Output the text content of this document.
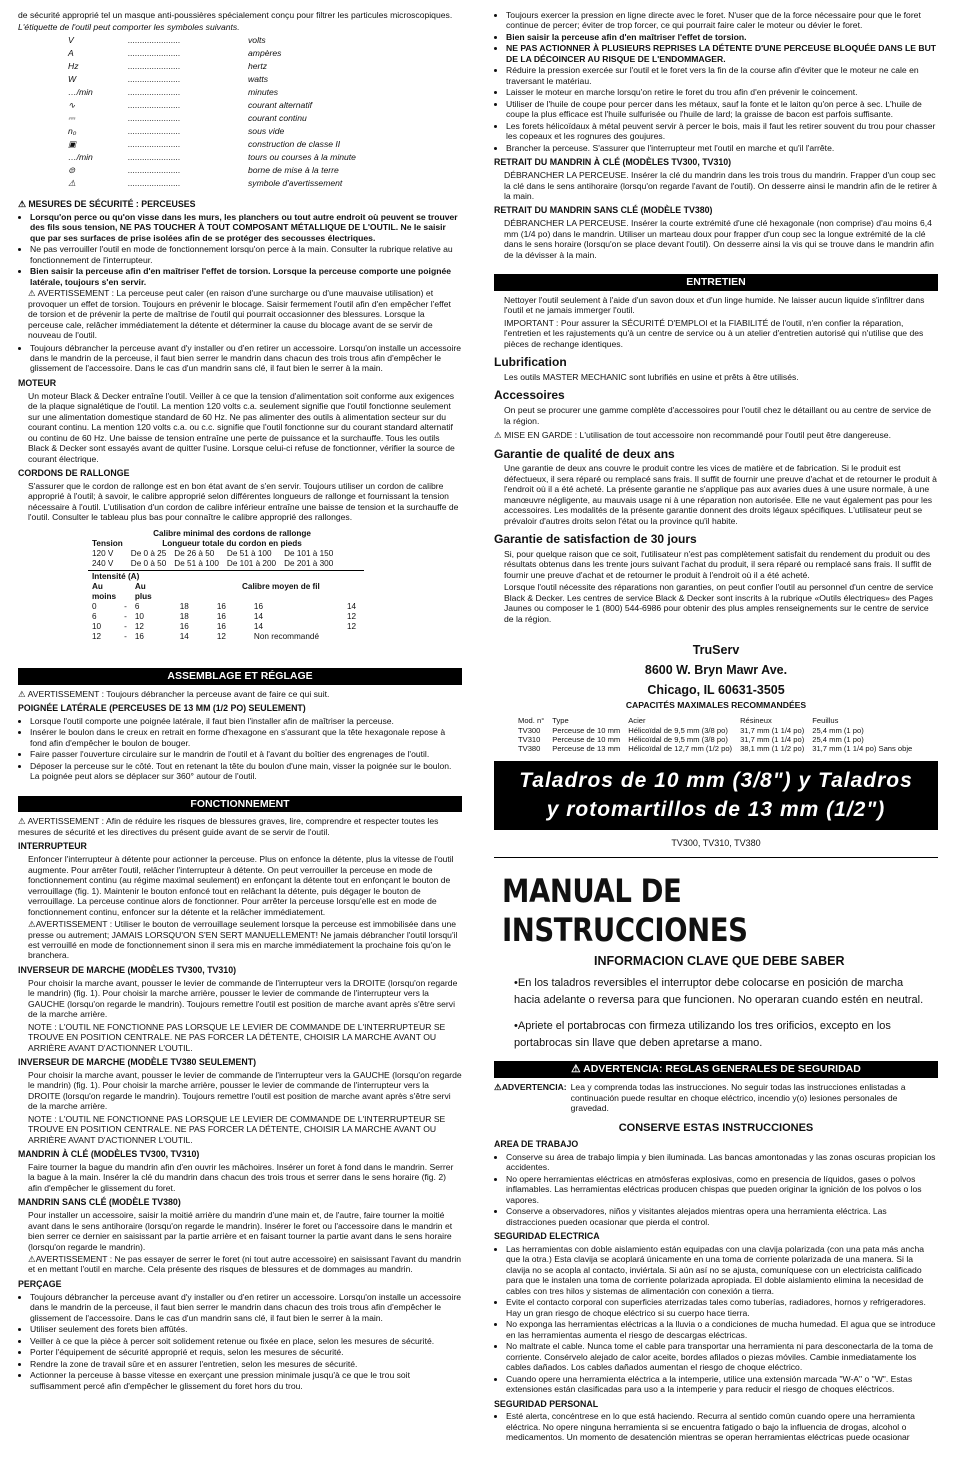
de sécurité approprié tel un masque anti-poussières spécialement conçu pour filtrer les particules microscopiques.

L'étiquette de l'outil peut comporter les symboles suivants.

V	......................	volts
A	......................	ampères
Hz	......................	hertz
W	......................	watts
…/min	......................	minutes
∿	......................	courant alternatif
⎓	......................	courant continu
n₀	......................	sous vide
▣	......................	construction de classe II
…/min	......................	tours ou courses à la minute
⊜	......................	borne de mise à la terre
⚠	......................	symbole d'avertissement

⚠ MESURES DE SÉCURITÉ : PERCEUSES

• Lorsqu'on perce ou qu'on visse dans les murs, les planchers ou tout autre endroit où peuvent se trouver des fils sous tension, NE PAS TOUCHER À TOUT COMPOSANT MÉTALLIQUE DE L'OUTIL. Ne le saisir que par ses surfaces de prise isolées afin de se protéger des secousses électriques.
• Ne pas verrouiller l'outil en mode de fonctionnement lorsqu'on perce à la main. Consulter la rubrique relative au fonctionnement de l'interrupteur.
• Bien saisir la perceuse afin d'en maîtriser l'effet de torsion. Lorsque la perceuse comporte une poignée latérale, toujours s'en servir.

⚠ AVERTISSEMENT : La perceuse peut caler (en raison d'une surcharge ou d'une mauvaise utilisation) et provoquer un effet de torsion. Toujours en prévenir le blocage. Saisir fermement l'outil afin d'en empêcher l'effet de torsion et de prévenir la perte de maîtrise de l'outil qui pourrait occasionner des blessures. Lorsque la perceuse cale, relâcher immédiatement la détente et déterminer la cause du blocage avant de se servir de nouveau de l'outil.

• Toujours débrancher la perceuse avant d'y installer ou d'en retirer un accessoire. Lorsqu'on installe un accessoire dans le mandrin de la perceuse, il faut bien serrer le mandrin dans chacun des trois trous afin d'empêcher le glissement de l'accessoire. Dans le cas d'un mandrin sans clé, il faut bien le serrer à la main.

MOTEUR

Un moteur Black & Decker entraîne l'outil. Veiller à ce que la tension d'alimentation soit conforme aux exigences de la plaque signalétique de l'outil. La mention 120 volts c.a. seulement signifie que l'outil fonctionne seulement sur une alimentation domestique standard de 60 Hz. Ne pas alimenter des outils à alimentation secteur sur du courant continu. La mention 120 volts c.a. ou c.c. signifie que l'outil fonctionne sur du courant standard alternatif ou continu de 60 Hz. Une baisse de tension entraîne une perte de puissance et la surchauffe. Tous les outils Black & Decker sont essayés avant de quitter l'usine. Lorsque celui-ci refuse de fonctionner, vérifier la source de courant électrique.

CORDONS DE RALLONGE

S'assurer que le cordon de rallonge est en bon état avant de s'en servir. Toujours utiliser un cordon de calibre approprié à l'outil; à savoir, le calibre approprié selon différentes longueurs de rallonge et fournissant la tension nécessaire à l'outil. L'utilisation d'un cordon de calibre inférieur entraîne une baisse de tension et la surchauffe de l'outil. Consulter le tableau plus bas pour connaître le calibre approprié des rallonges.

	Calibre minimal des cordons de rallonge			
Tension	Longueur totale du cordon en pieds			
120 V	De 0 à 25	De 26 à 50	De 51 à 100	De 101 à 150
240 V	De 0 à 50	De 51 à 100	De 101 à 200	De 201 à 300
Intensité (A)						
Au		Au	Calibre moyen de fil			
moins		plus				
0	-	6	18	16	16	14
6	-	10	18	16	14	12
10	-	12	16	16	14	12
12	-	16	14	12	Non recommandé	
ASSEMBLAGE ET RÉGLAGE

⚠ AVERTISSEMENT : Toujours débrancher la perceuse avant de faire ce qui suit.

POIGNÉE LATÉRALE (PERCEUSES DE 13 MM (1/2 PO) SEULEMENT)

• Lorsque l'outil comporte une poignée latérale, il faut bien l'installer afin de maîtriser la perceuse.
• Insérer le boulon dans le creux en retrait en forme d'hexagone en s'assurant que la tête hexagonale repose à fond afin d'empêcher le boulon de bouger.
• Faire passer l'ouverture circulaire sur le mandrin de l'outil et à l'avant du boîtier des engrenages de l'outil.
• Déposer la perceuse sur le côté. Tout en retenant la tête du boulon d'une main, visser la poignée sur le boulon. La poignée peut alors se déplacer sur 360° autour de l'outil.
FONCTIONNEMENT

⚠ AVERTISSEMENT : Afin de réduire les risques de blessures graves, lire, comprendre et respecter toutes les mesures de sécurité et les directives du présent guide avant de se servir de l'outil.

INTERRUPTEUR

Enfoncer l'interrupteur à détente pour actionner la perceuse. Plus on enfonce la détente, plus la vitesse de l'outil augmente. Pour arrêter l'outil, relâcher l'interrupteur à détente. On peut verrouiller la perceuse en mode de fonctionnement continu (au régime maximal seulement) en enfonçant la détente tout en enfonçant le bouton de verrouillage (fig. 1). Maintenir le bouton enfoncé tout en relâchant la détente, puis dégager le bouton de verrouillage. La perceuse continue alors de fonctionner. Pour arrêter la perceuse lorsqu'elle est en mode de fonctionnement continu, enfoncer sur la détente et la relâcher immédiatement.

⚠AVERTISSEMENT : Utiliser le bouton de verrouillage seulement lorsque la perceuse est immobilisée dans une presse ou autrement; JAMAIS LORSQU'ON S'EN SERT MANUELLEMENT! Ne jamais débrancher l'outil lorsqu'il est verrouillé en mode de fonctionnement sinon il sera mis en marche immédiatement la prochaine fois qu'on le branchera.

INVERSEUR DE MARCHE (MODÈLES TV300, TV310)

Pour choisir la marche avant, pousser le levier de commande de l'interrupteur vers la DROITE (lorsqu'on regarde le mandrin) (fig. 1). Pour choisir la marche arrière, pousser le levier de commande de l'interrupteur vers la GAUCHE (lorsqu'on regarde le mandrin). Toujours remettre l'outil est position de marche avant après s'être servi de la marche arrière.

NOTE : L'OUTIL NE FONCTIONNE PAS LORSQUE LE LEVIER DE COMMANDE DE L'INTERRUPTEUR SE TROUVE EN POSITION CENTRALE. NE PAS FORCER LA DÉTENTE, CHOISIR LA MARCHE AVANT OU ARRIÈRE AVANT D'ACTIONNER L'OUTIL.

INVERSEUR DE MARCHE (MODÈLE TV380 SEULEMENT)

Pour choisir la marche avant, pousser le levier de commande de l'interrupteur vers la GAUCHE (lorsqu'on regarde le mandrin) (fig. 1). Pour choisir la marche arrière, pousser le levier de commande de l'interrupteur vers la DROITE (lorsqu'on regarde le mandrin). Toujours remettre l'outil est position de marche avant après s'être servi de la marche arrière.

NOTE : L'OUTIL NE FONCTIONNE PAS LORSQUE LE LEVIER DE COMMANDE DE L'INTERRUPTEUR SE TROUVE EN POSITION CENTRALE. NE PAS FORCER LA DÉTENTE, CHOISIR LA MARCHE AVANT OU ARRIÈRE AVANT D'ACTIONNER L'OUTIL.

MANDRIN À CLÉ (MODÈLES TV300, TV310)

Faire tourner la bague du mandrin afin d'en ouvrir les mâchoires. Insérer un foret à fond dans le mandrin. Serrer la bague à la main. Insérer la clé du mandrin dans chacun des trois trous et serrer dans le sens horaire (fig. 2) afin d'empêcher le glissement du foret.

MANDRIN SANS CLÉ (MODÈLE TV380)

Pour installer un accessoire, saisir la moitié arrière du mandrin d'une main et, de l'autre, faire tourner la moitié avant dans le sens antihoraire (lorsqu'on regarde le mandrin). Insérer le foret ou l'accessoire dans le mandrin et bien serrer ce dernier en saisissant par la partie arrière et en faisant tourner la partie avant dans le sens horaire (lorsqu'on regarde le mandrin).

⚠AVERTISSEMENT : Ne pas essayer de serrer le foret (ni tout autre accessoire) en saisissant l'avant du mandrin et en mettant l'outil en marche. Cela présente des risques de blessures et de dommages au mandrin.

PERÇAGE

• Toujours débrancher la perceuse avant d'y installer ou d'en retirer un accessoire. Lorsqu'on installe un accessoire dans le mandrin de la perceuse, il faut bien serrer le mandrin dans chacun des trois trous afin d'empêcher le glissement de l'accessoire. Dans le cas d'un mandrin sans clé, il faut bien le serrer à la main.
• Utiliser seulement des forets bien affûtés.
• Veiller à ce que la pièce à percer soit solidement retenue ou fixée en place, selon les mesures de sécurité.
• Porter l'équipement de sécurité approprié et requis, selon les mesures de sécurité.
• Rendre la zone de travail sûre et en assurer l'entretien, selon les mesures de sécurité.
• Actionner la perceuse à basse vitesse en exerçant une pression minimale jusqu'à ce que le trou soit suffisamment percé afin d'empêcher le glissement du foret hors du trou.
• Toujours exercer la pression en ligne directe avec le foret. N'user que de la force nécessaire pour que le foret continue de percer; éviter de trop forcer, ce qui pourrait faire caler le moteur ou dévier le foret.
• Bien saisir la perceuse afin d'en maîtriser l'effet de torsion.
• NE PAS ACTIONNER À PLUSIEURS REPRISES LA DÉTENTE D'UNE PERCEUSE BLOQUÉE DANS LE BUT DE LA DÉCOINCER AU RISQUE DE L'ENDOMMAGER.
• Réduire la pression exercée sur l'outil et le foret vers la fin de la course afin d'éviter que le moteur ne cale en traversant le matériau.
• Laisser le moteur en marche lorsqu'on retire le foret du trou afin d'en prévenir le coincement.
• Utiliser de l'huile de coupe pour percer dans les métaux, sauf la fonte et le laiton qu'on perce à sec. L'huile de coupe la plus efficace est l'huile sulfurisée ou l'huile de lard; la graisse de bacon est parfois suffisante.
• Les forets hélicoïdaux à métal peuvent servir à percer le bois, mais il faut les retirer souvent du trou pour chasser les copeaux et les rognures des goujures.
• Brancher la perceuse. S'assurer que l'interrupteur met l'outil en marche et qu'il l'arrête.

RETRAIT DU MANDRIN À CLÉ (MODÈLES TV300, TV310)

DÉBRANCHER LA PERCEUSE. Insérer la clé du mandrin dans les trois trous du mandrin. Frapper d'un coup sec la clé dans le sens antihoraire (lorsqu'on regarde l'avant de l'outil). On desserre ainsi le mandrin afin de le retirer à la main.

RETRAIT DU MANDRIN SANS CLÉ (MODÈLE TV380)

DÉBRANCHER LA PERCEUSE. Insérer la courte extrémité d'une clé hexagonale (non comprise) d'au moins 6,4 mm (1/4 po) dans le mandrin. Utiliser un marteau doux pour frapper d'un coup sec la longue extrémité de la clé dans le sens horaire (lorsqu'on se place devant l'outil). On desserre ainsi la vis qui se trouve dans le mandrin afin de la dévisser à la main.

ENTRETIEN

Nettoyer l'outil seulement à l'aide d'un savon doux et d'un linge humide. Ne laisser aucun liquide s'infiltrer dans l'outil et ne jamais immerger l'outil.

IMPORTANT : Pour assurer la SÉCURITÉ D'EMPLOI et la FIABILITÉ de l'outil, n'en confier la réparation, l'entretien et les rajustements qu'à un centre de service ou à un atelier d'entretien autorisé qui n'utilise que des pièces de rechange identiques.

Lubrification

Les outils MASTER MECHANIC sont lubrifiés en usine et prêts à être utilisés.

Accessoires

On peut se procurer une gamme complète d'accessoires pour l'outil chez le détaillant ou au centre de service de la région.

⚠ MISE EN GARDE : L'utilisation de tout accessoire non recommandé pour l'outil peut être dangereuse.

Garantie de qualité de deux ans

Une garantie de deux ans couvre le produit contre les vices de matière et de fabrication. Si le produit est défectueux, il sera réparé ou remplacé sans frais. Il suffit de fournir une preuve d'achat et de retourner le produit à l'endroit où il a été acheté. La présente garantie ne s'applique pas aux avaries dues à une usure normale, à une manœuvre négligente, au mauvais usage ni à une réparation non autorisée. Elle ne vaut également pas pour les accessoires. Les modalités de la présente garantie donnent des droits légaux spécifiques. L'utilisateur peut se prévaloir d'autres droits selon l'état ou la province qu'il habite.

Garantie de satisfaction de 30 jours

Si, pour quelque raison que ce soit, l'utilisateur n'est pas complètement satisfait du rendement du produit ou des résultats obtenus dans les trente jours suivant l'achat du produit, il sera réparé ou remplacé sans frais. Il suffit de fournir une preuve d'achat et de retourner le produit à l'endroit où il a été acheté.

Lorsque l'outil nécessite des réparations non garanties, on peut confier l'outil au personnel d'un centre de service Black & Decker. Les centres de service Black & Decker sont inscrits à la rubrique «Outils électriques» des Pages Jaunes ou composer le 1 (800) 544-6986 pour obtenir des plus amples renseignements sur le centre de service de la région.

TruServ
8600 W. Bryn Mawr Ave.
Chicago, IL 60631-3505
CAPACITÉS MAXIMALES RECOMMANDÉES
Mod. n°	Type	Acier	Résineux	Feuillus
TV300	Perceuse de 10 mm	Hélicoïdal de 9,5 mm (3/8 po)	31,7 mm (1 1/4 po)	25,4 mm (1 po)
TV310	Perceuse de 10 mm	Hélicoïdal de 9,5 mm (3/8 po)	31,7 mm (1 1/4 po)	25,4 mm (1 po)
TV380	Perceuse de 13 mm	Hélicoïdal de 12,7 mm (1/2 po)	38,1 mm (1 1/2 po)	31,7 mm (1 1/4 po) Sans obje
Taladros de 10 mm (3/8") y Taladros
y rotomartillos de 13 mm (1/2")
TV300, TV310, TV380
MANUAL DE INSTRUCCIONES
INFORMACION CLAVE QUE DEBE SABER
•En los taladros reversibles el interruptor debe colocarse en posición de marcha hacia adelante o reversa para que funcionen. No operaran cuando estén en neutral.
•Apriete el portabrocas con firmeza utilizando los tres orificios, excepto en los portabrocas sin llave que deben apretarse a mano.
⚠ ADVERTENCIA: REGLAS GENERALES DE SEGURIDAD
⚠ADVERTENCIA: Lea y comprenda todas las instrucciones. No seguir todas las instrucciones enlistadas a continuación puede resultar en choque eléctrico, incendio y(o) lesiones personales de gravedad.
CONSERVE ESTAS INSTRUCCIONES

AREA DE TRABAJO

• Conserve su área de trabajo limpia y bien iluminada. Las bancas amontonadas y las zonas oscuras propician los accidentes.
• No opere herramientas eléctricas en atmósferas explosivas, como en presencia de líquidos, gases o polvos inflamables. Las herramientas eléctricas producen chispas que pueden originar la ignición de los polvos o los vapores.
• Conserve a observadores, niños y visitantes alejados mientras opera una herramienta eléctrica. Las distracciones pueden ocasionar que pierda el control.

SEGURIDAD ELECTRICA

• Las herramientas con doble aislamiento están equipadas con una clavija polarizada (con una pata más ancha que la otra.) Esta clavija se acoplará únicamente en una toma de corriente polarizada de una manera. Si la clavija no se acopla al contacto, inviértala. Si aún así no se ajusta, comuníquese con un electricista calificado para que le instalen una toma de corriente polarizada apropiada. El doble aislamiento elimina la necesidad de cables con tres hilos y sistemas de alimentación con conexión a tierra.
• Evite el contacto corporal con superficies aterrizadas tales como tuberías, radiadores, hornos y refrigeradores. Hay un gran riesgo de choque eléctrico si su cuerpo hace tierra.
• No exponga las herramientas eléctricas a la lluvia o a condiciones de mucha humedad. El agua que se introduce en las herramientas aumenta el riesgo de descargas eléctricas.
• No maltrate el cable. Nunca tome el cable para transportar una herramienta ni para desconectarla de la toma de corriente. Consérvelo alejado de calor aceite, bordes afilados o piezas móviles. Cambie inmediatamente los cables dañados. Los cables dañados aumentan el riesgo de choque eléctrico.
• Cuando opere una herramienta eléctrica a la intemperie, utilice una extensión marcada "W-A" o "W". Estas extensiones están clasificadas para uso a la intemperie y para reducir el riesgo de choques eléctricos.

SEGURIDAD PERSONAL

• Esté alerta, concéntrese en lo que está haciendo. Recurra al sentido común cuando opere una herramienta eléctrica. No opere ninguna herramienta si se encuentra fatigado o bajo la influencia de drogas, alcohol o medicamentos. Un momento de desatención mientras se operan herramientas eléctricas puede ocasionar
